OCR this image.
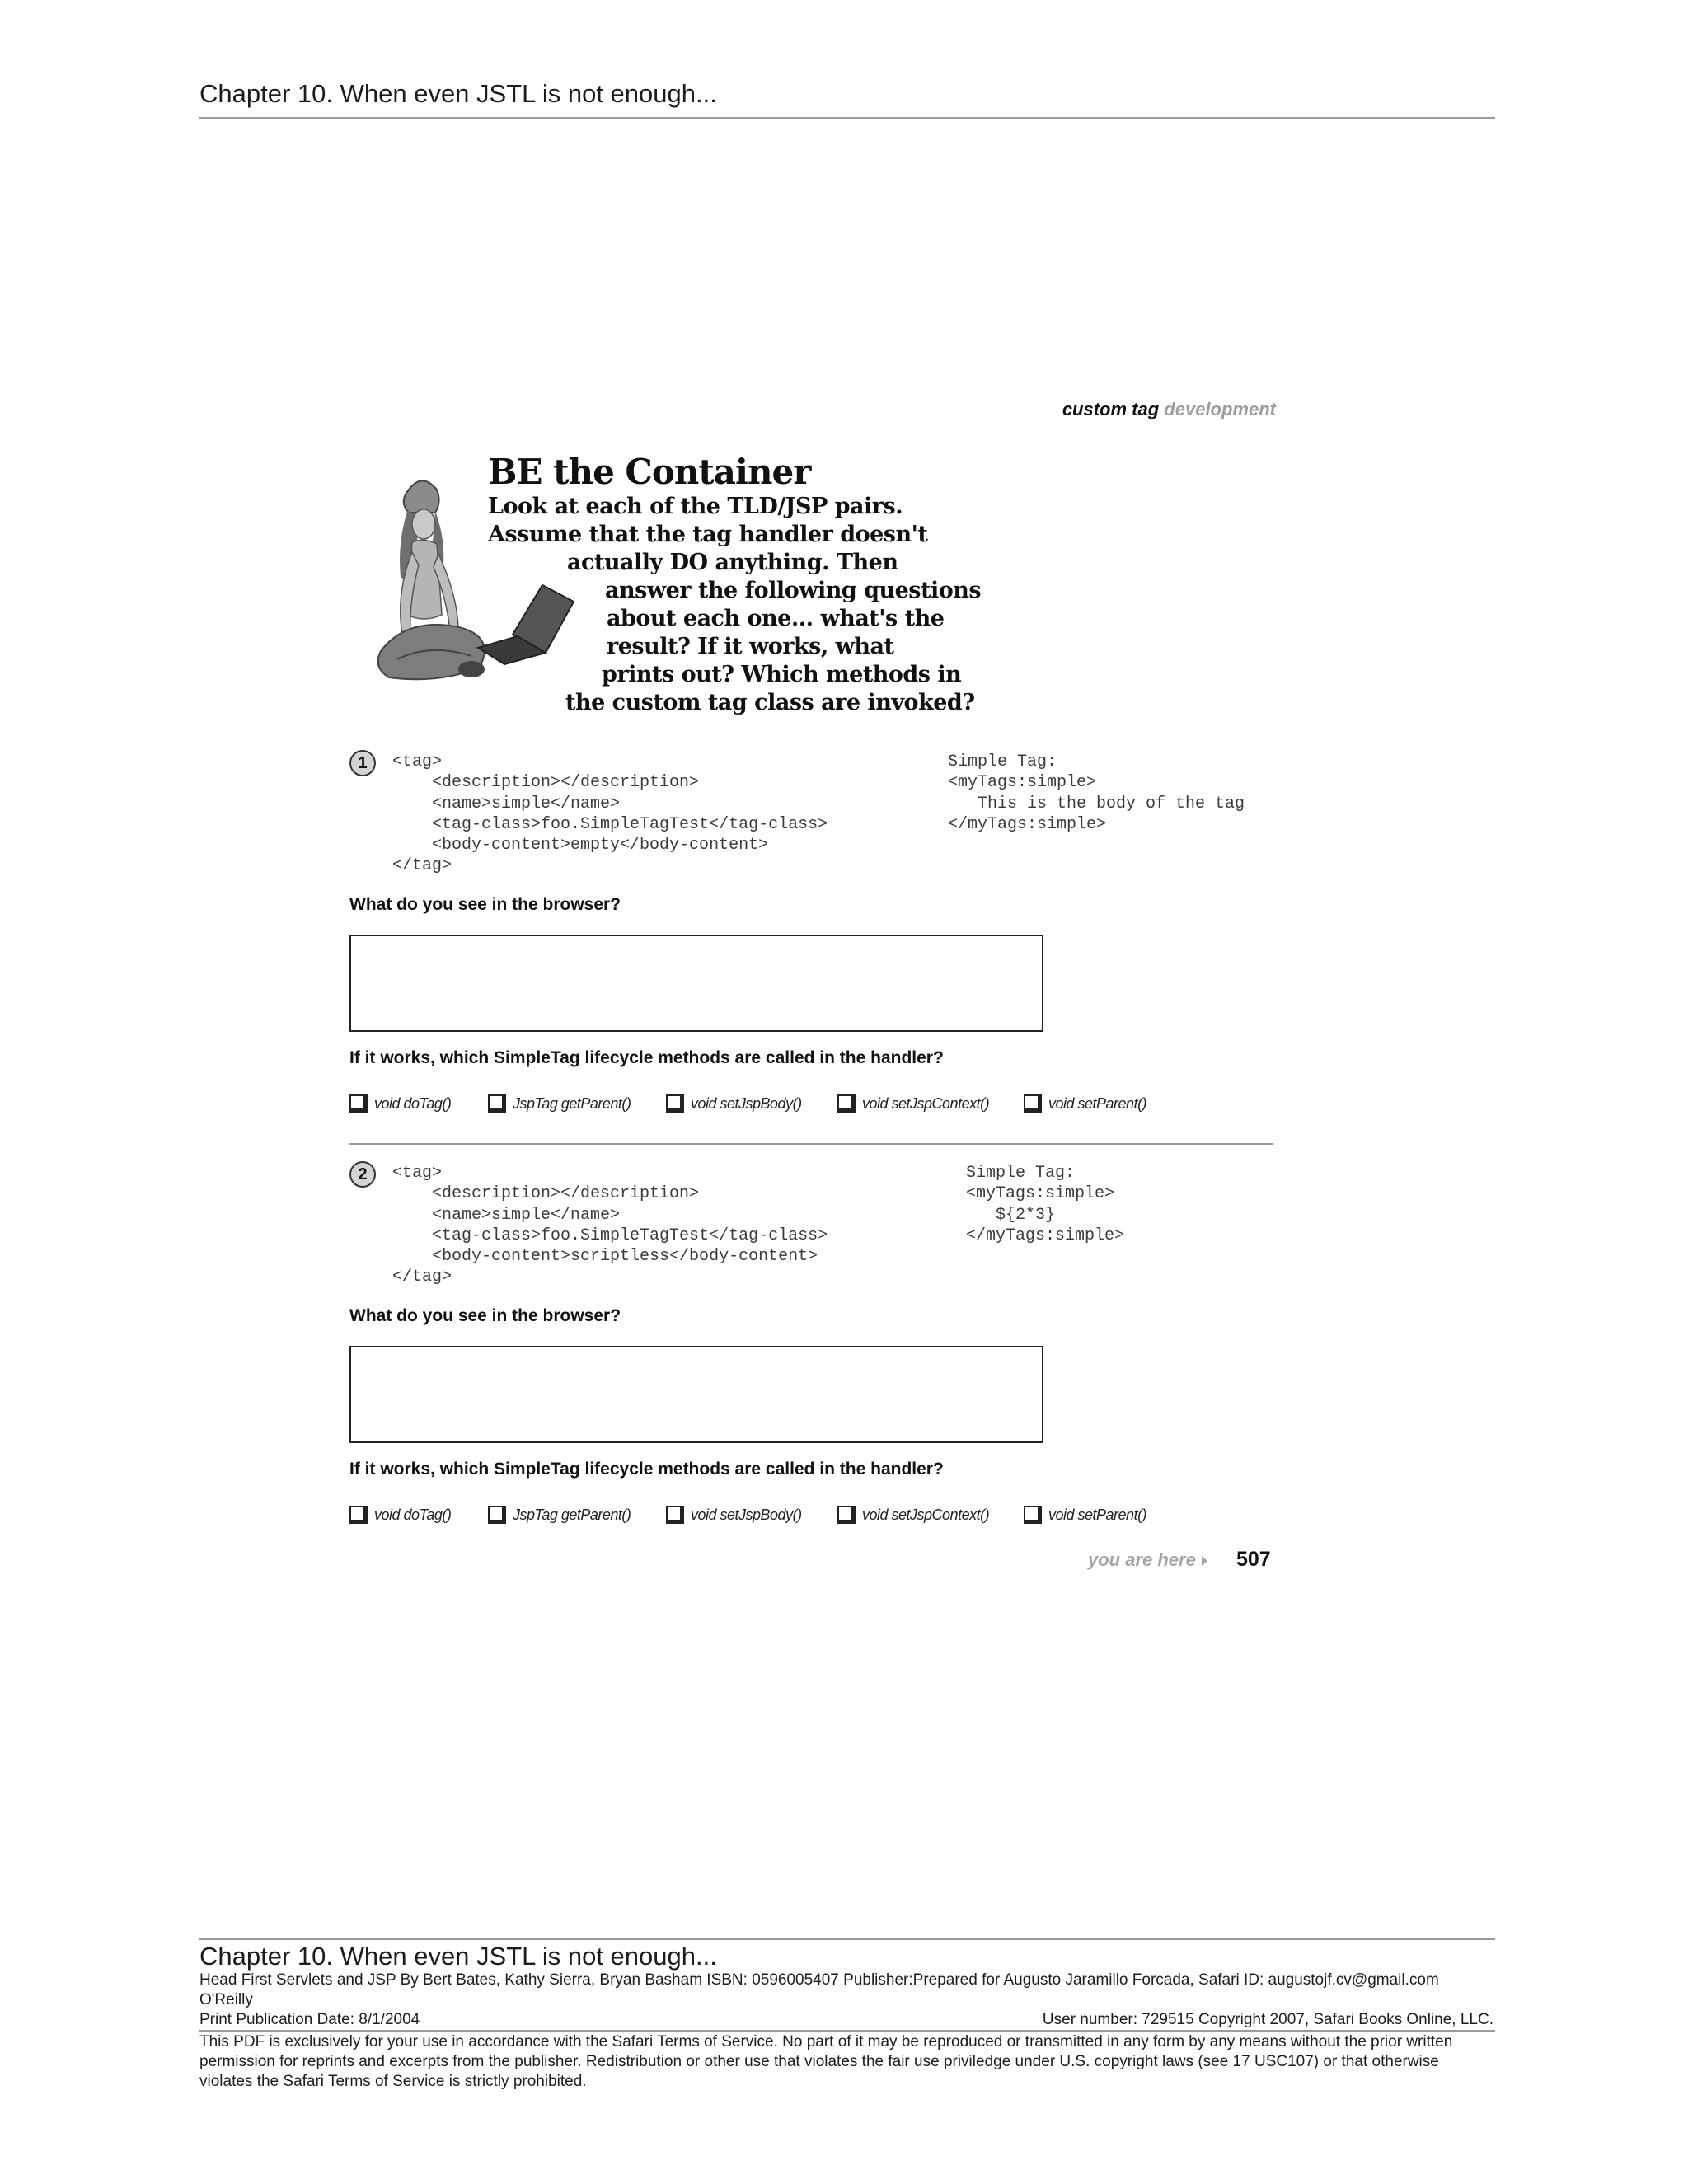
Chapter 10. When even JSTL is not enough...
custom tag development
BE the Container
Look at each of the TLD/JSP pairs.
Assume that the tag handler doesn't
actually DO anything. Then
answer the following questions
about each one... what's the
result? If it works, what
prints out? Which methods in
the custom tag class are invoked?
1	<tag>
<description></description>
<name>simple</name>
<tag-class>foo.SimpleTagTest</tag-class>
<body-content>empty</body-content>
</tag>
Simple Tag:
<myTags:simple>
This is the body of the tag
</myTags:simple>
What do you see in the browser?
If it works, which SimpleTag lifecycle methods are called in the handler?
void doTag()	JspTag getParent()	void setJspBody()	void setJspContext()	void setParent()
2	<tag>
<description></description>
<name>simple</name>
<tag-class>foo.SimpleTagTest</tag-class>
<body-content>scriptless</body-content>
</tag>
Simple Tag:
<myTags:simple>
${2*3}
</myTags:simple>
What do you see in the browser?
If it works, which SimpleTag lifecycle methods are called in the handler?
void doTag()	JspTag getParent()	void setJspBody()	void setJspContext()	void setParent()
you are here 507
Chapter 10. When even JSTL is not enough...
Head First Servlets and JSP By Bert Bates, Kathy Sierra, Bryan Basham ISBN: 0596005407 Publisher:Prepared for Augusto Jaramillo Forcada, Safari ID: augustojf.cv@gmail.com
O'Reilly
Print Publication Date: 8/1/2004	User number: 729515 Copyright 2007, Safari Books Online, LLC.
This PDF is exclusively for your use in accordance with the Safari Terms of Service. No part of it may be reproduced or transmitted in any form by any means without the prior written permission for reprints and excerpts from the publisher. Redistribution or other use that violates the fair use priviledge under U.S. copyright laws (see 17 USC107) or that otherwise violates the Safari Terms of Service is strictly prohibited.
